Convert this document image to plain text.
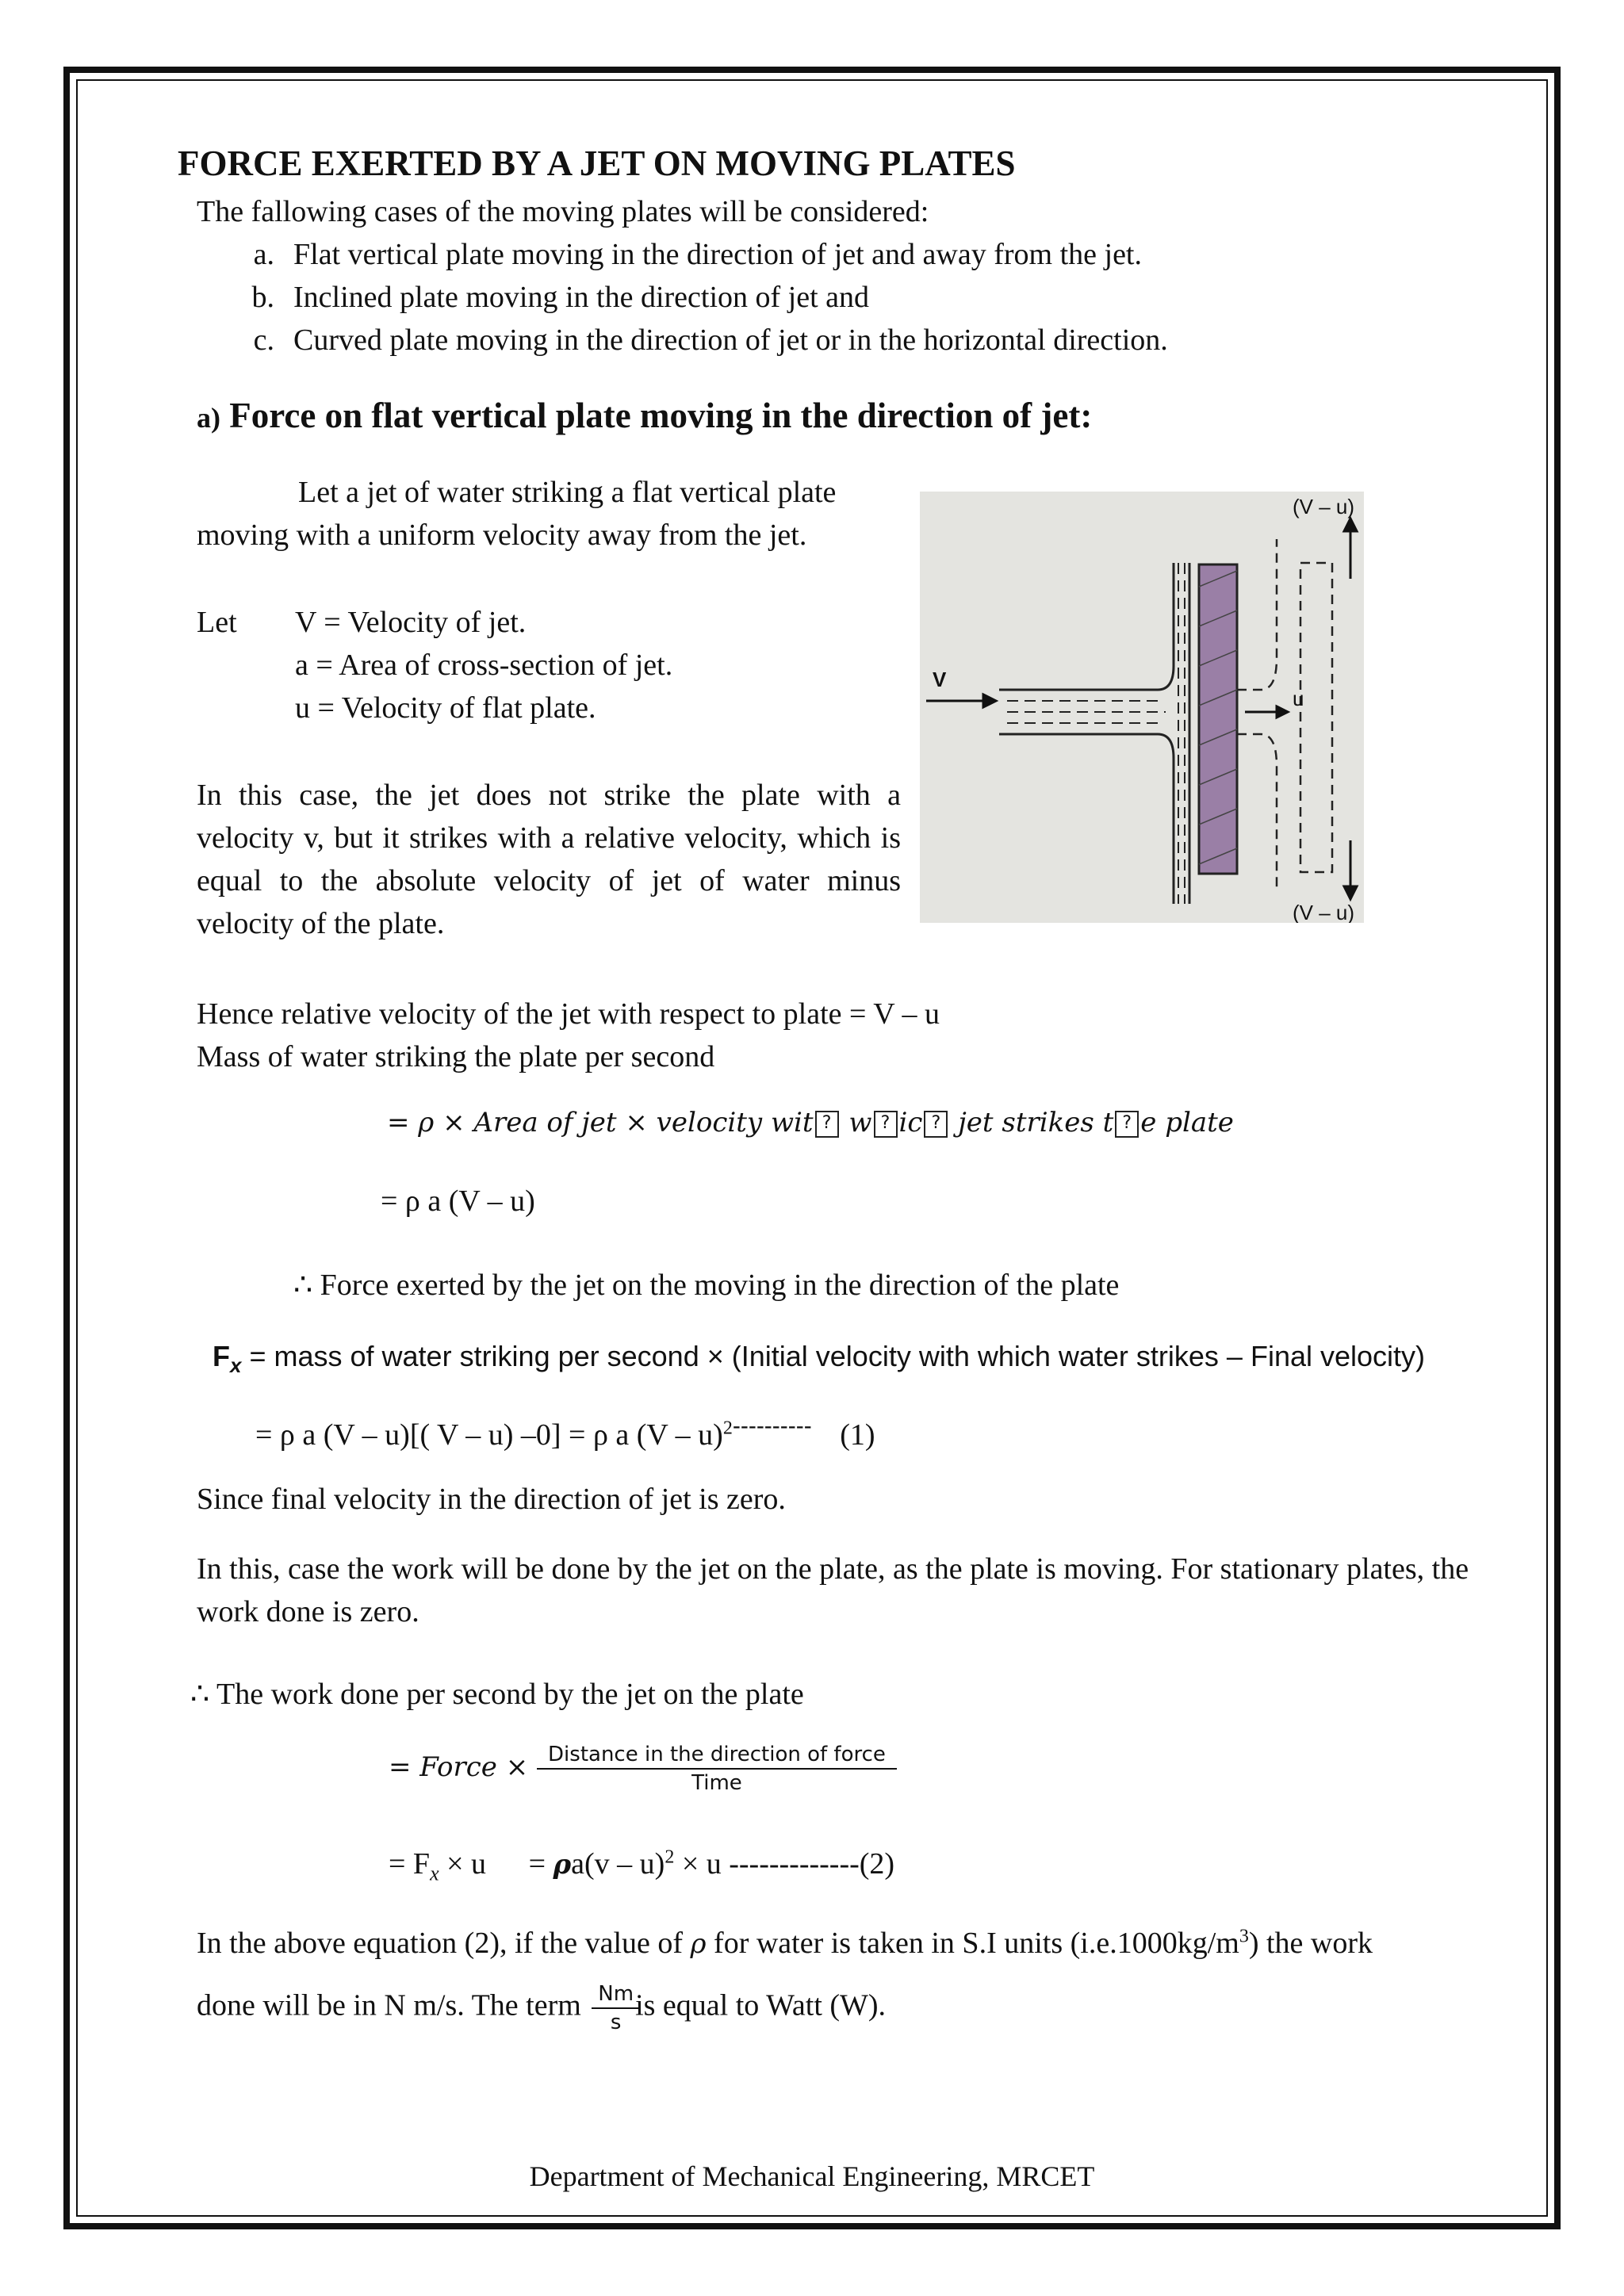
FORCE EXERTED BY A JET ON MOVING PLATES
The fallowing cases of the moving plates will be considered:
a. Flat vertical plate moving in the direction of jet and away from the jet.
b. Inclined plate moving in the direction of jet and
c. Curved plate moving in the direction of jet or in the horizontal direction.
a) Force on flat vertical plate moving in the direction of jet:
Let a jet of water striking a flat vertical plate
moving with a uniform velocity away from the jet.
Let V = Velocity of jet.
a = Area of cross-section of jet.
u = Velocity of flat plate.
In this case, the jet does not strike the plate with a velocity v, but it strikes with a relative velocity, which is equal to the absolute velocity of jet of water minus velocity of the plate.
V
u
(V – u)
(V – u)
Hence relative velocity of the jet with respect to plate = V – u
Mass of water striking the plate per second
= ρ × Area of jet × velocity wit ? w ? ic ? jet strikes t ? e plate
= ρ a (V – u)
∴ Force exerted by the jet on the moving in the direction of the plate
$F_x$ = mass of water striking per second × (Initial velocity with which water strikes – Final velocity)
= ρ a (V – u)[( V – u) –0] = ρ a (V – u)$^{2----------}$ (1)
Since final velocity in the direction of jet is zero.
In this, case the work will be done by the jet on the plate, as the plate is moving. For stationary plates, the work done is zero.
∴ The work done per second by the jet on the plate
= Force × $\frac{\text{Distance in the direction of force}}{\text{Time}}$
= $F_x \times u = \rho a(v - u)^2 \times u$ -------------(2)
In the above equation (2), if the value of ρ for water is taken in S.I units $(i.e.1000kg/m^3)$ the work
done will be in N m/s. The term $\frac{Nm}{s}$
is equal to Watt (W).
Department of Mechanical Engineering, MRCET
